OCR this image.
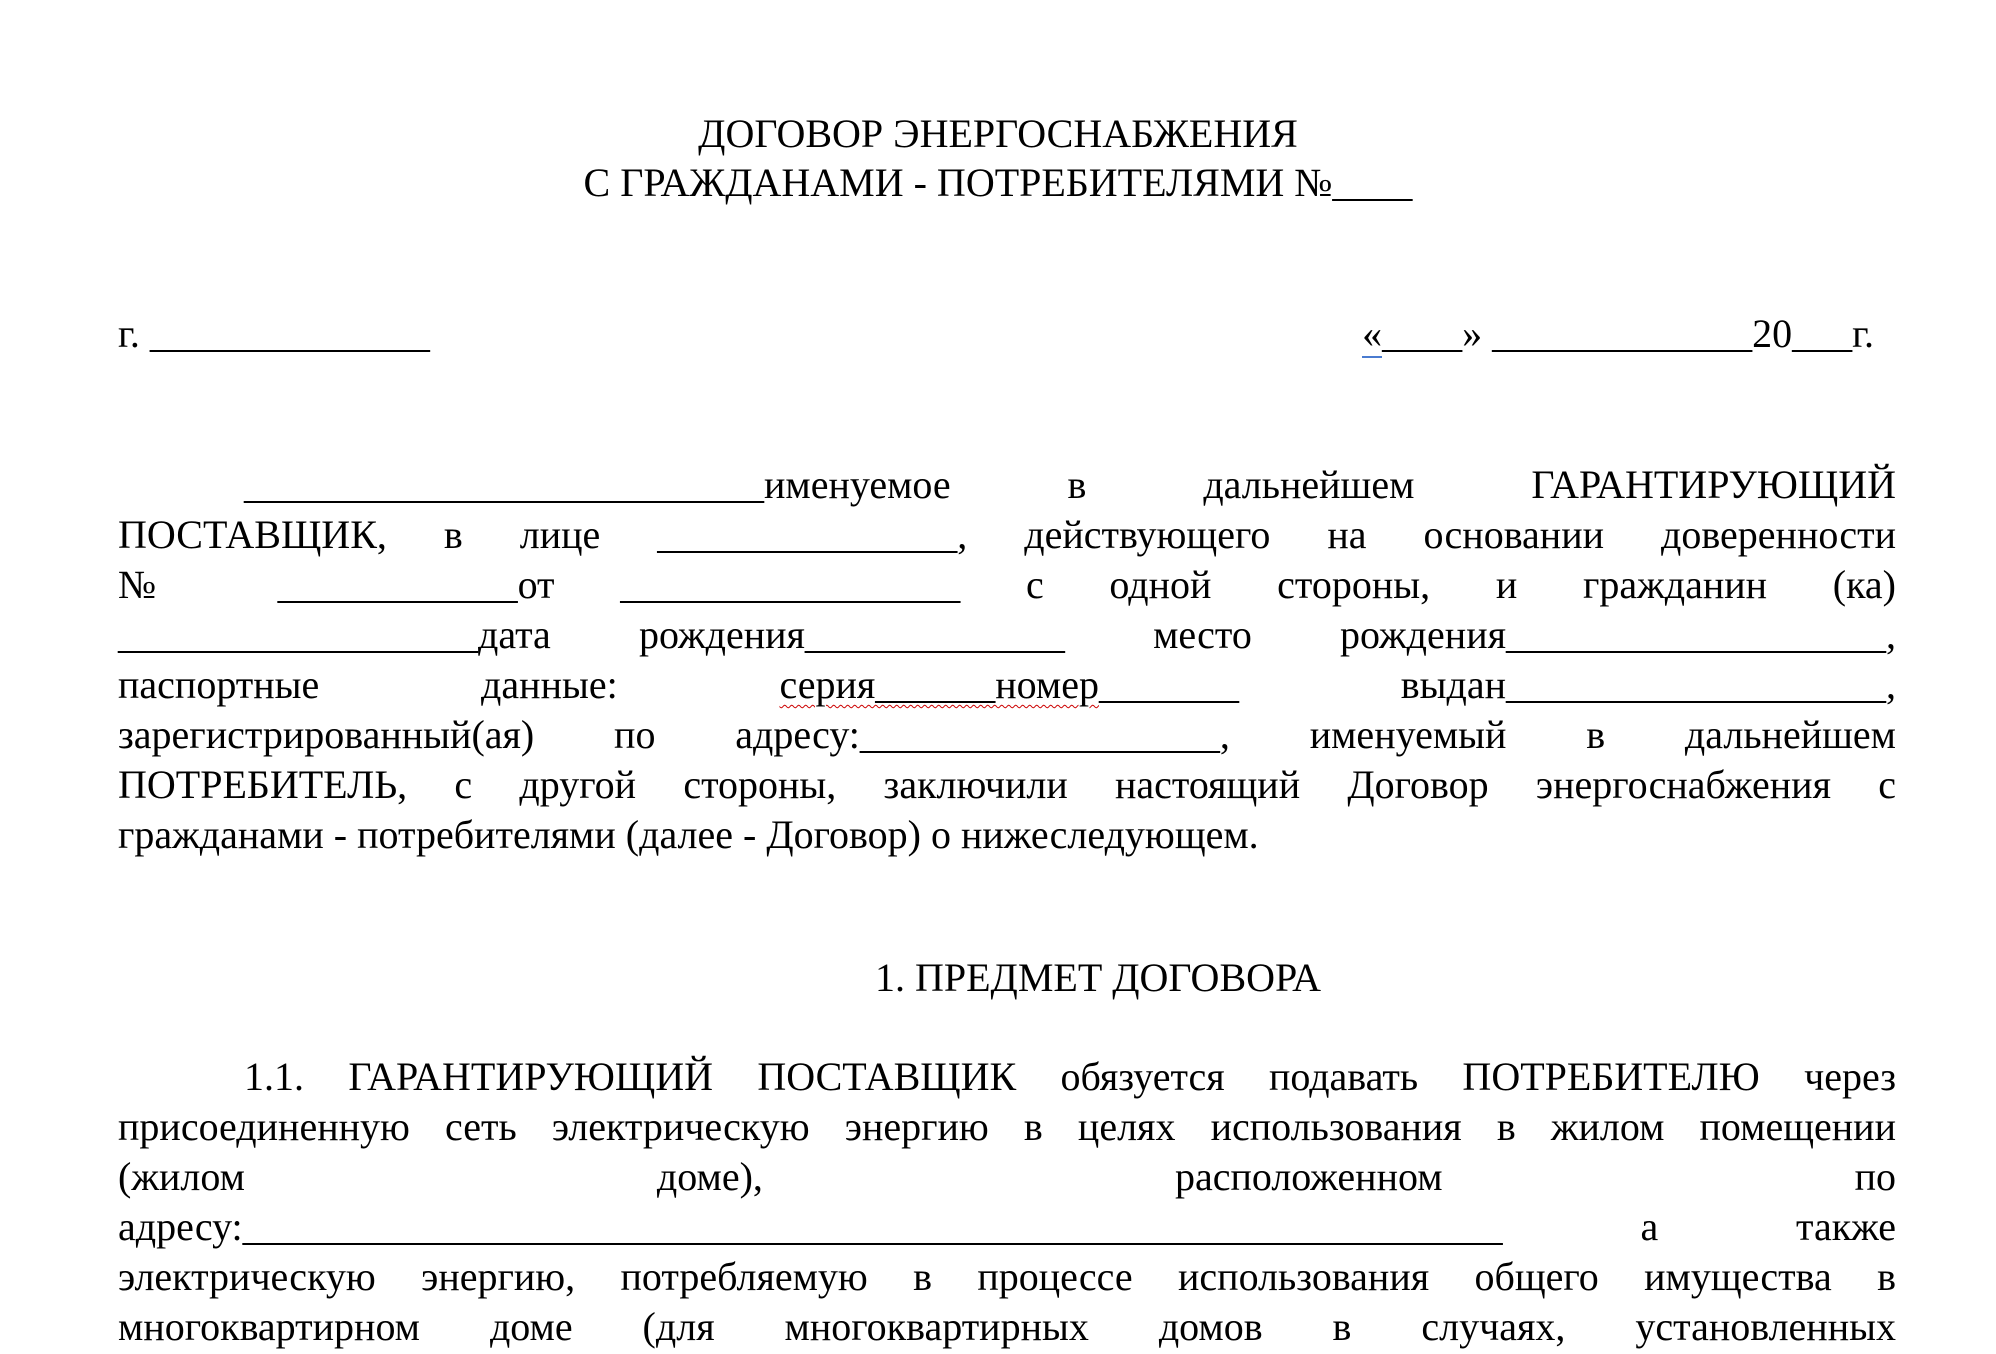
ДОГОВОР ЭНЕРГОСНАБЖЕНИЯ
С ГРАЖДАНАМИ - ПОТРЕБИТЕЛЯМИ №____
г. ______________	«____» _____________20___г.
__________________________именуемое в дальнейшем ГАРАНТИРУЮЩИЙ
ПОСТАВЩИК, в лице _______________, действующего на основании доверенности
№ ____________от _________________ с одной стороны, и гражданин (ка)
__________________дата рождения_____________ место рождения___________________,
паспортные данные: серия______номер_______ выдан___________________,
зарегистрированный(ая) по адресу:__________________, именуемый в дальнейшем
ПОТРЕБИТЕЛЬ, с другой стороны, заключили настоящий Договор энергоснабжения с
гражданами - потребителями (далее - Договор) о нижеследующем.
1. ПРЕДМЕТ ДОГОВОРА
1.1. ГАРАНТИРУЮЩИЙ ПОСТАВЩИК обязуется подавать ПОТРЕБИТЕЛЮ через
присоединенную сеть электрическую энергию в целях использования в жилом помещении
(жилом доме), расположенном по
адресу:_______________________________________________________________ а также
электрическую энергию, потребляемую в процессе использования общего имущества в
многоквартирном доме (для многоквартирных домов в случаях, установленных
